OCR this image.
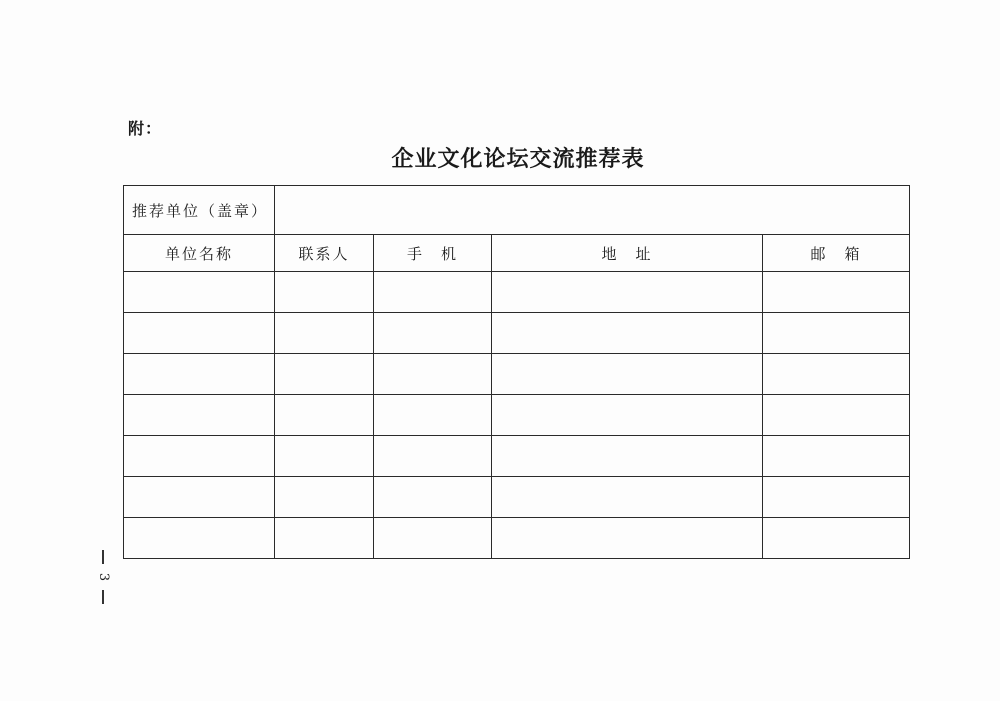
附：
企业文化论坛交流推荐表
推荐单位（盖章）				
单位名称	联系人	手　机	地　址	邮　箱

3
